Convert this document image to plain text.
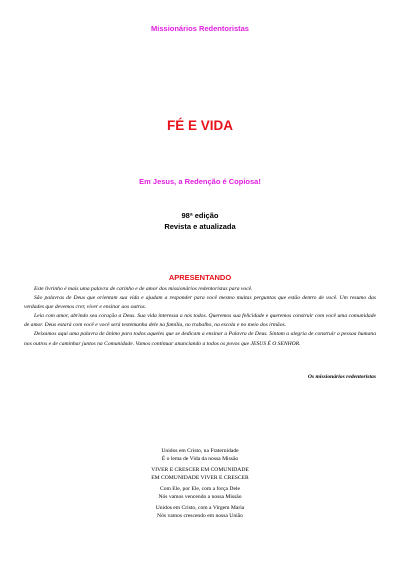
Missionários Redentoristas
FÉ E VIDA
Em Jesus, a Redenção é Copiosa!
98ª edição
Revista e atualizada
APRESENTANDO

Este livrinho é mais uma palavra de carinho e de amor dos missionários redentoristas para você.

São palavras de Deus que orientam sua vida e ajudam a responder para você mesmo muitas perguntas que estão dentro de você. Um resumo das verdades que devemos crer, viver e ensinar aos outros.

Leia com amor, abrindo seu coração a Deus. Sua vida interessa a nós todos. Queremos sua felicidade e queremos construir com você uma comunidade de amor. Deus estará com você e você será testemunha dele na família, no trabalho, na escola e no meio dos irmãos.

Deixamos aqui uma palavra de ânimo para todos aqueles que se dedicam a ensinar a Palavra de Deus. Sintam a alegria de construir a pessoa humana nos outros e de caminhar juntos na Comunidade. Vamos continuar anunciando a todos os povos que JESUS É O SENHOR.

Os missionários redentoristas
Unidos em Cristo, na Fraternidade
É o lema de Vida da nossa Missão
VIVER E CRESCER EM COMUNIDADE
EM COMUNIDADE VIVER E CRESCER
Com Ele, por Ele, com a força Dele
Nós vamos vencendo a nossa Missão
Unidos em Cristo, com a Virgem Maria
Nós vamos crescendo em nossa União
